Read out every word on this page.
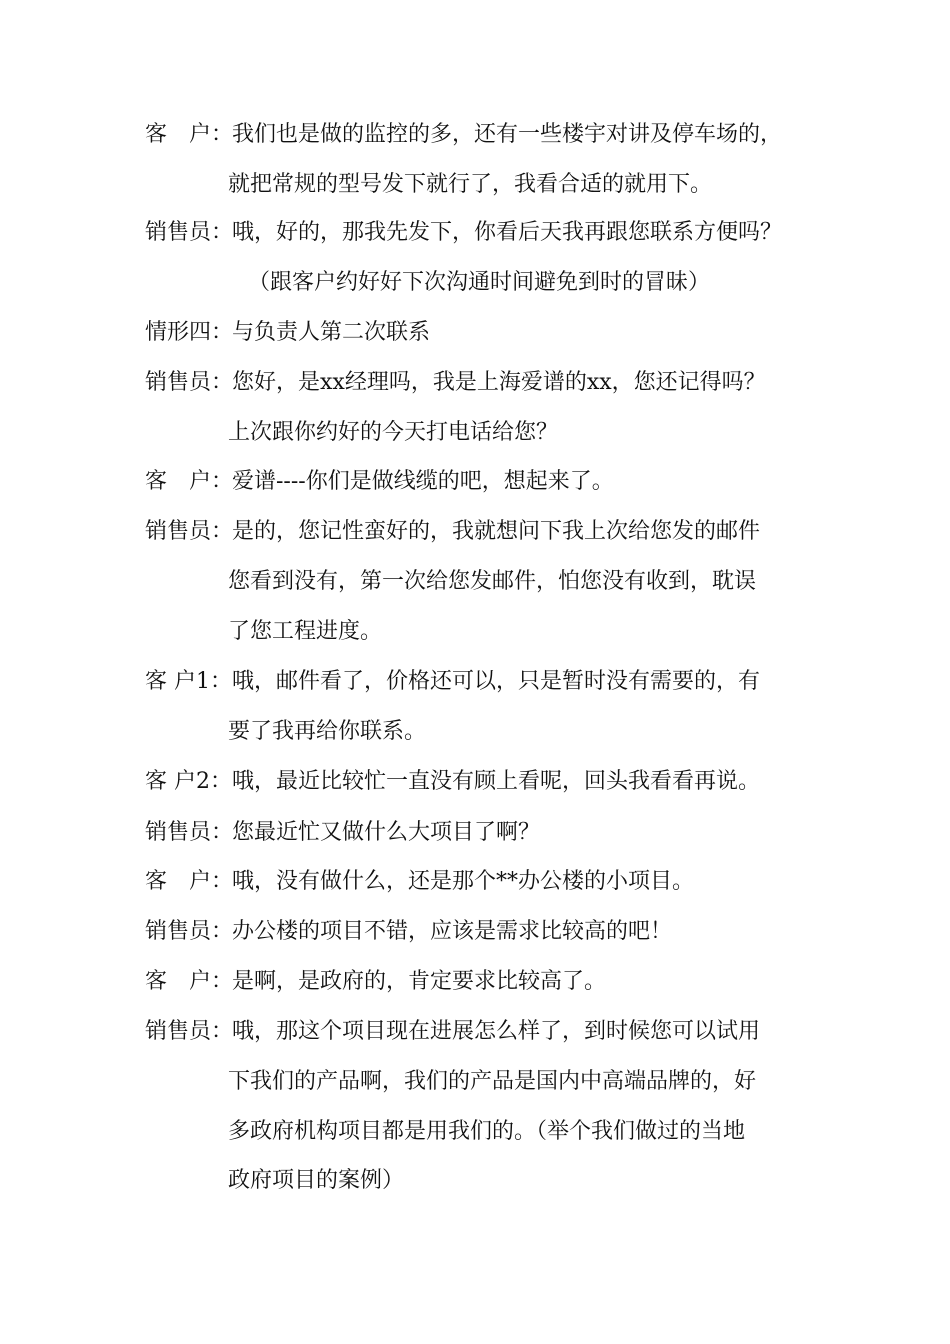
客　户：
我们也是做的监控的多，还有一些楼宇对讲及停车场的，
就把常规的型号发下就行了，我看合适的就用下。
销售员：
哦，好的，那我先发下，你看后天我再跟您联系方便吗？
（跟客户约好好下次沟通时间避免到时的冒昧）
情形四：
与负责人第二次联系
销售员：
您好，是xx经理吗，我是上海爱谱的xx，您还记得吗？
上次跟你约好的今天打电话给您？
客　户：
爱谱----你们是做线缆的吧，想起来了。
销售员：
是的，您记性蛮好的，我就想问下我上次给您发的邮件
您看到没有，第一次给您发邮件，怕您没有收到，耽误
了您工程进度。
客 户1： 哦，邮件看了，价格还可以，只是暂时没有需要的，有
要了我再给你联系。
客 户2： 哦，最近比较忙一直没有顾上看呢，回头我看看再说。
销售员：
您最近忙又做什么大项目了啊？
客　户：
哦，没有做什么，还是那个**办公楼的小项目。
销售员：
办公楼的项目不错，应该是需求比较高的吧！
客　户：
是啊，是政府的，肯定要求比较高了。
销售员：
哦，那这个项目现在进展怎么样了，到时候您可以试用
下我们的产品啊，我们的产品是国内中高端品牌的，好
多政府机构项目都是用我们的。（举个我们做过的当地
政府项目的案例）
